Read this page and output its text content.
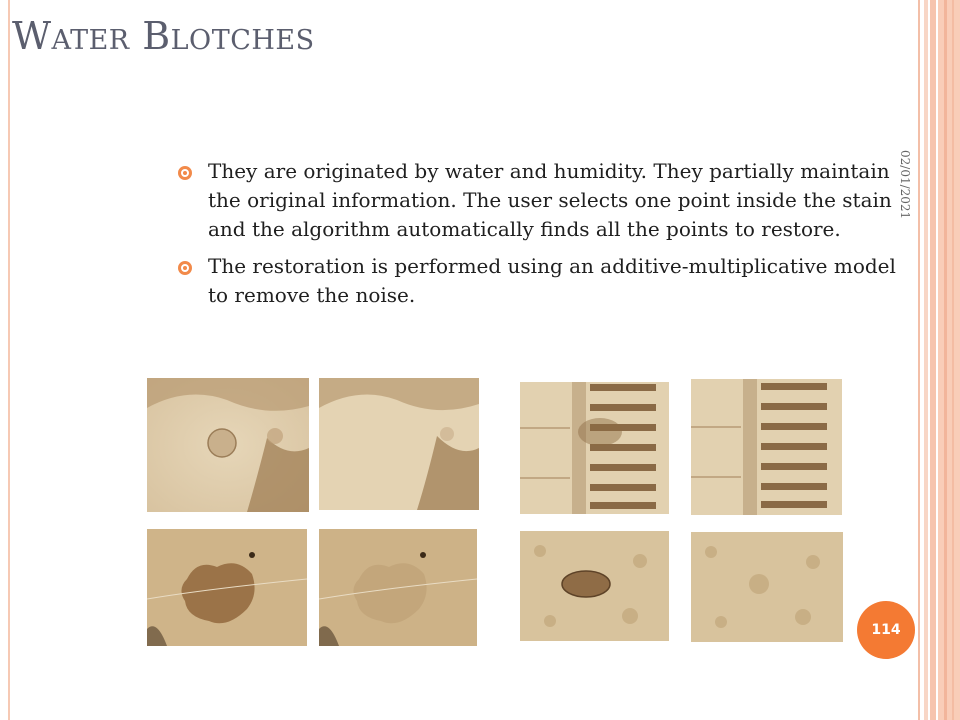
Water Blotches
02/01/2021
They are originated by water and humidity. They partially maintain the original information. The user selects one point inside the stain and the algorithm automatically finds all the points to restore.
The restoration is performed using an additive-multiplicative model to remove the noise.
114
